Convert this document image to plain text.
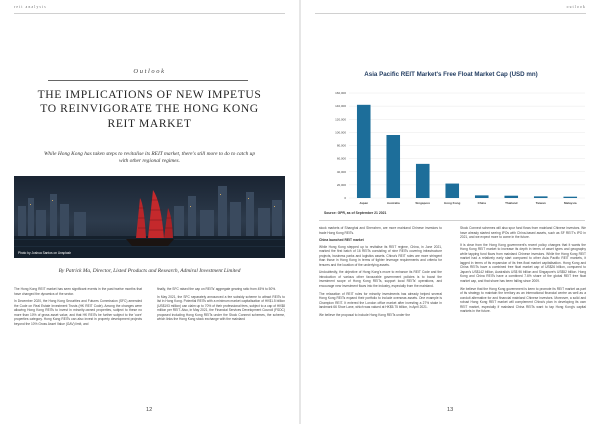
reit analysis
Outlook
THE IMPLICATIONS OF NEW IMPETUS TO REINVIGORATE THE HONG KONG REIT MARKET

While Hong Kong has taken steps to revitalise its REIT market, there's still more to do to catch up with other regional regimes.

Photo by Joshua Santos on Unsplash

By Patrick Ma, Director, Listed Products and Research, Admiral Investment Limited

The Hong Kong REIT market has seen significant events in the past twelve months that have changed the dynamics of the sector.

In December 2020, the Hong Kong Securities and Futures Commission (SFC) amended the Code on Real Estate Investment Trusts (HK REIT Code). Among the changes were allowing Hong Kong REITs to invest in minority-owned properties, subject to these no more than 10% of gross asset value, and that HK REITs be further subject to the 'core' properties category. Hong Kong REITs can also invest in property development projects beyond the 10% Gross Asset Value (GAV) limit, and

finally, the SFC raised the cap on REITs' aggregate gearing ratio from 45% to 50%.

In May 2021, the SFC separately announced a fee subsidy scheme to attract REITs to list in Hong Kong. Potential REITs with a minimum market capitalisation of HK$1.5 billion (US$193 million) can claim up to 70% of their professional fees, subject to a cap of HK$8 million per REIT. Also, in May 2021, the Financial Services Development Council (FSDC) proposed including Hong Kong REITs under the Stock Connect schemes, the scheme, which links the Hong Kong stock exchange with the mainland

12
outlook
Asia Pacific REIT Market's Free Float Market Cap (USD mn)
0
20,000
40,000
60,000
80,000
100,000
120,000
140,000
160,000
Japan	Australia	Singapore	Hong Kong	China	Thailand	Taiwan	Malaysia
Source: GPR, as of September 21 2021

stock markets of Shanghai and Shenzhen, are more mainland Chinese investors to trade Hong Kong REITs.

China launched REIT market

While Hong Kong stepped up to revitalise its REIT regime, China, in June 2021, marked the first batch of 16 REITs consisting of nine REITs covering infrastructure projects, business parks and logistics assets. China's REIT rules are more stringent than those in Hong Kong in terms of tighter leverage requirements and criteria for tenures and the location of the underlying assets.

Undoubtedly, the objective of Hong Kong's move to enhance its REIT Code and the introduction of various other favourable government policies is to boost the investment scope of Hong Kong REITs, support local REITs' operations, and encourage new investment flows into the industry, especially from the mainland.

The relaxation of REIT rules for minority investments has already helped several Hong Kong REITs expand their portfolio to include overseas assets. One example is Champion REIT. It entered the London office market after investing a 27% stake in landmark 66 Shoe Lane, which was valued at HK$5.75 billion, in April 2021.

We believe the proposal to include Hong Kong REITs under the

Stock Connect schemes will also spur fund flows from mainland Chinese investors. We have already started seeing IPOs with China-based assets, such as SF REIT's IPO in 2021, and we expect more to come in the future.

It is clear from the Hong Kong government's recent policy changes that it wants the Hong Kong REIT market to increase its depth in terms of asset types and geography while tapping fund flows from mainland Chinese investors. While the Hong Kong REIT market had a relatively early start compared to other Asia Pacific REIT markets, it lagged in terms of its expansion of its free-float market capitalisation. Hong Kong and China REITs have a combined free float market cap of US$26 billion, compared to Japan's US$142 billion, Australia's US$ 96 billion and Singapore's US$52 billion. Hong Kong and China REITs have a combined 7.6% share of the global REIT free float market cap, and that share has been falling since 2009.

We believe that the Hong Kong government is keen to promote its REIT market as part of its strategy to maintain the territory as an international financial centre as well as a conduit alternative for and financial mainland Chinese investors. Moreover, a solid and robust Hong Kong REIT market will complement China's plan in developing its own REIT market, especially if mainland China REITs want to tap Hong Kong's capital markets in the future.

13
